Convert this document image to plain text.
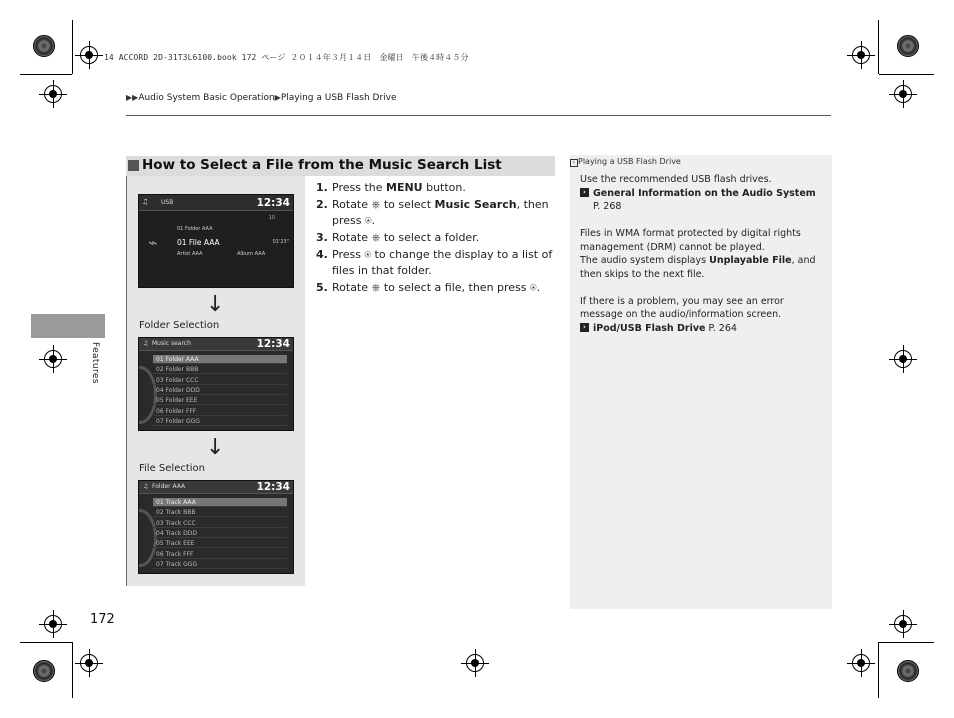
14 ACCORD 2D-31T3L6100.book 172 ページ ２０１４年３月１４日　金曜日　午後４時４５分
▶▶Audio System Basic Operation▶Playing a USB Flash Drive
Features
How to Select a File from the Music Search List
♫ USB	12:34
⌁
10
01 Folder AAA
01 File AAA	01'23"
Artist AAA	Album AAA
↓
Folder Selection
♫ Music search	12:34
01 Folder AAA
02 Folder BBB
03 Folder CCC
04 Folder DDD
05 Folder EEE
06 Folder FFF
07 Folder GGG
↓
File Selection
♫ Folder AAA	12:34
01 Track AAA
02 Track BBB
03 Track CCC
04 Track DDD
05 Track EEE
06 Track FFF
07 Track GGG
1. Press the MENU button.
2. Rotate ⎈ to select Music Search, then press ⍟.
3. Rotate ⎈ to select a folder.
4. Press ⍟ to change the display to a list of files in that folder.
5. Rotate ⎈ to select a file, then press ⍟.
› Playing a USB Flash Drive

Use the recommended USB flash drives.

› General Information on the Audio System
P. 268

Files in WMA format protected by digital rights management (DRM) cannot be played.

The audio system displays Unplayable File, and then skips to the next file.

If there is a problem, you may see an error message on the audio/information screen.

› iPod/USB Flash Drive P. 264

172
